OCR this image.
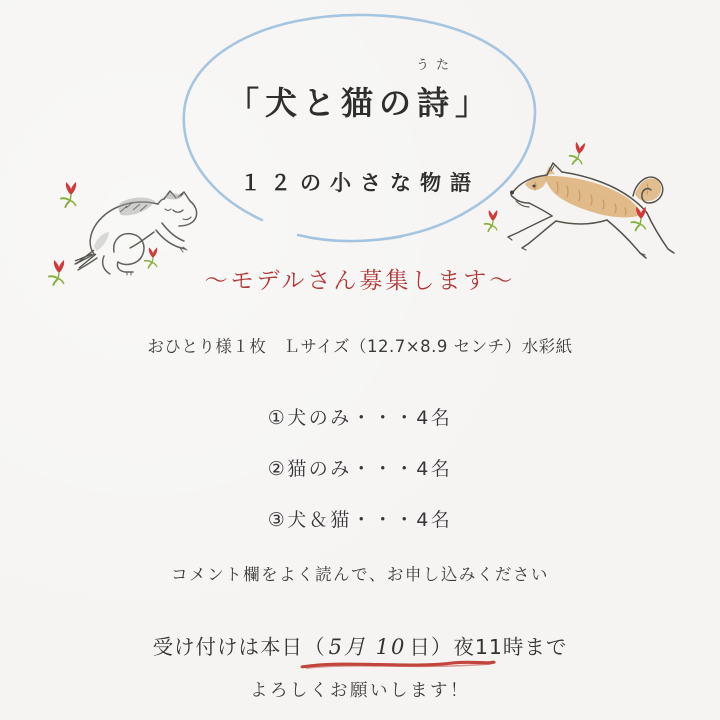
「犬と猫の
うた
詩」
１２の小さな物語
〜モデルさん募集します〜
おひとり様１枚　Ｌサイズ（12.7×8.9 センチ）水彩紙
①犬のみ・・・4名
②猫のみ・・・4名
③犬＆猫・・・4名
コメント欄をよく読んで、お申し込みください
受け付けは本日（ 5月 10 日）
夜11時まで
よろしくお願いします！
